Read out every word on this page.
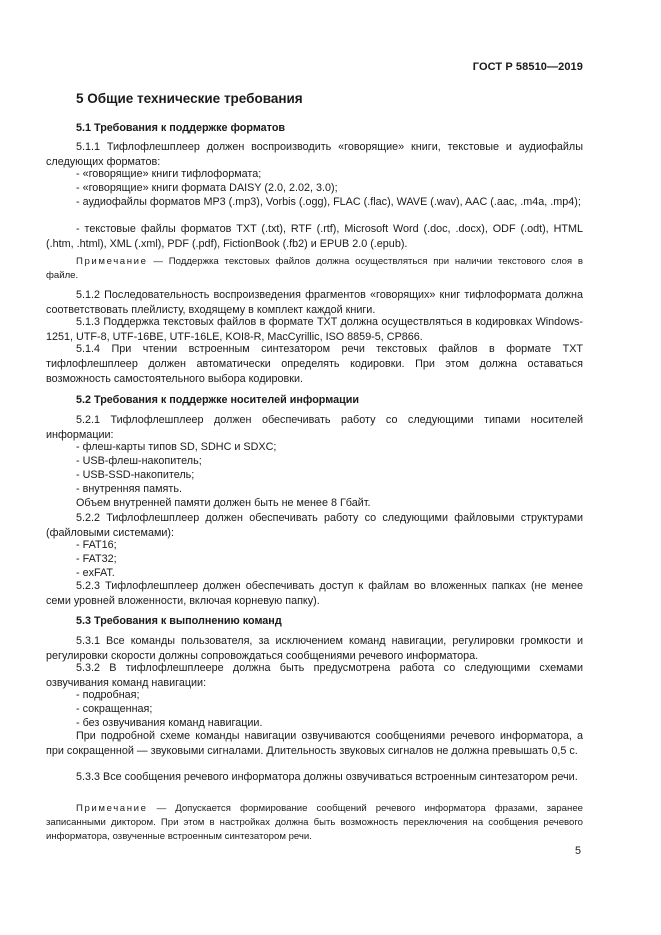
ГОСТ Р 58510—2019
5 Общие технические требования
5.1 Требования к поддержке форматов
5.1.1 Тифлофлешплеер должен воспроизводить «говорящие» книги, текстовые и аудиофайлы следующих форматов:
- «говорящие» книги тифлоформата;
- «говорящие» книги формата DAISY (2.0, 2.02, 3.0);
- аудиофайлы форматов MP3 (.mp3), Vorbis (.ogg), FLAC (.flac), WAVE (.wav), AAC (.aac, .m4a, .mp4);
- текстовые файлы форматов TXT (.txt), RTF (.rtf), Microsoft Word (.doc, .docx), ODF (.odt), HTML (.htm, .html), XML (.xml), PDF (.pdf), FictionBook (.fb2) и EPUB 2.0 (.epub).
Примечание — Поддержка текстовых файлов должна осуществляться при наличии текстового слоя в файле.
5.1.2 Последовательность воспроизведения фрагментов «говорящих» книг тифлоформата должна соответствовать плейлисту, входящему в комплект каждой книги.
5.1.3 Поддержка текстовых файлов в формате TXT должна осуществляться в кодировках Windows-1251, UTF-8, UTF-16BE, UTF-16LE, KOI8-R, MacCyrillic, ISO 8859-5, CP866.
5.1.4 При чтении встроенным синтезатором речи текстовых файлов в формате TXT тифлофлешплеер должен автоматически определять кодировки. При этом должна оставаться возможность самостоятельного выбора кодировки.
5.2 Требования к поддержке носителей информации
5.2.1 Тифлофлешплеер должен обеспечивать работу со следующими типами носителей информации:
- флеш-карты типов SD, SDHC и SDXC;
- USB-флеш-накопитель;
- USB-SSD-накопитель;
- внутренняя память.
Объем внутренней памяти должен быть не менее 8 Гбайт.
5.2.2 Тифлофлешплеер должен обеспечивать работу со следующими файловыми структурами (файловыми системами):
- FAT16;
- FAT32;
- exFAT.
5.2.3 Тифлофлешплеер должен обеспечивать доступ к файлам во вложенных папках (не менее семи уровней вложенности, включая корневую папку).
5.3 Требования к выполнению команд
5.3.1 Все команды пользователя, за исключением команд навигации, регулировки громкости и регулировки скорости должны сопровождаться сообщениями речевого информатора.
5.3.2 В тифлофлешплеере должна быть предусмотрена работа со следующими схемами озвучивания команд навигации:
- подробная;
- сокращенная;
- без озвучивания команд навигации.
При подробной схеме команды навигации озвучиваются сообщениями речевого информатора, а при сокращенной — звуковыми сигналами. Длительность звуковых сигналов не должна превышать 0,5 с.
5.3.3 Все сообщения речевого информатора должны озвучиваться встроенным синтезатором речи.
Примечание — Допускается формирование сообщений речевого информатора фразами, заранее записанными диктором. При этом в настройках должна быть возможность переключения на сообщения речевого информатора, озвученные встроенным синтезатором речи.
5
